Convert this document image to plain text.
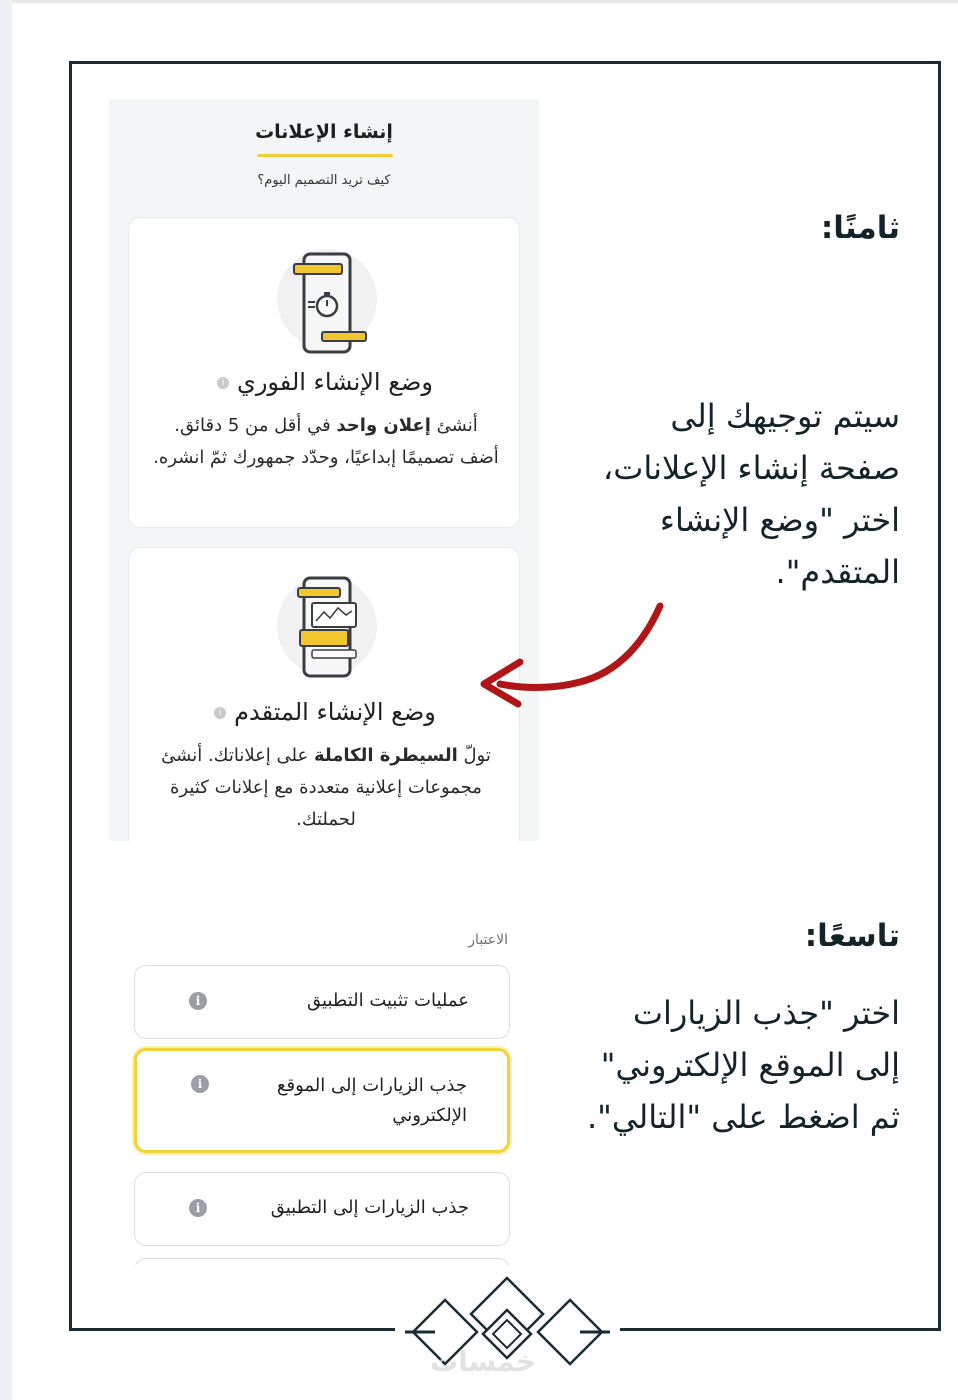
إنشاء الإعلانات
كيف تريد التصميم اليوم؟
وضع الإنشاء الفوريi
أنشئ إعلان واحد في أقل من 5 دقائق. أضف تصميمًا إبداعيًا، وحدّد جمهورك ثمّ انشره.
وضع الإنشاء المتقدمi
تولّ السيطرة الكاملة على إعلاناتك. أنشئ مجموعات إعلانية متعددة مع إعلانات كثيرة لحملتك.
الاعتبار
عمليات تثبيت التطبيق
i
جذب الزيارات إلى الموقع الإلكتروني
i
جذب الزيارات إلى التطبيق
i
ثامنًا:
سيتم توجيهك إلى صفحة إنشاء الإعلانات، اختر "وضع الإنشاء المتقدم".
تاسعًا:
اختر "جذب الزيارات إلى الموقع الإلكتروني" ثم اضغط على "التالي".
خمسات
